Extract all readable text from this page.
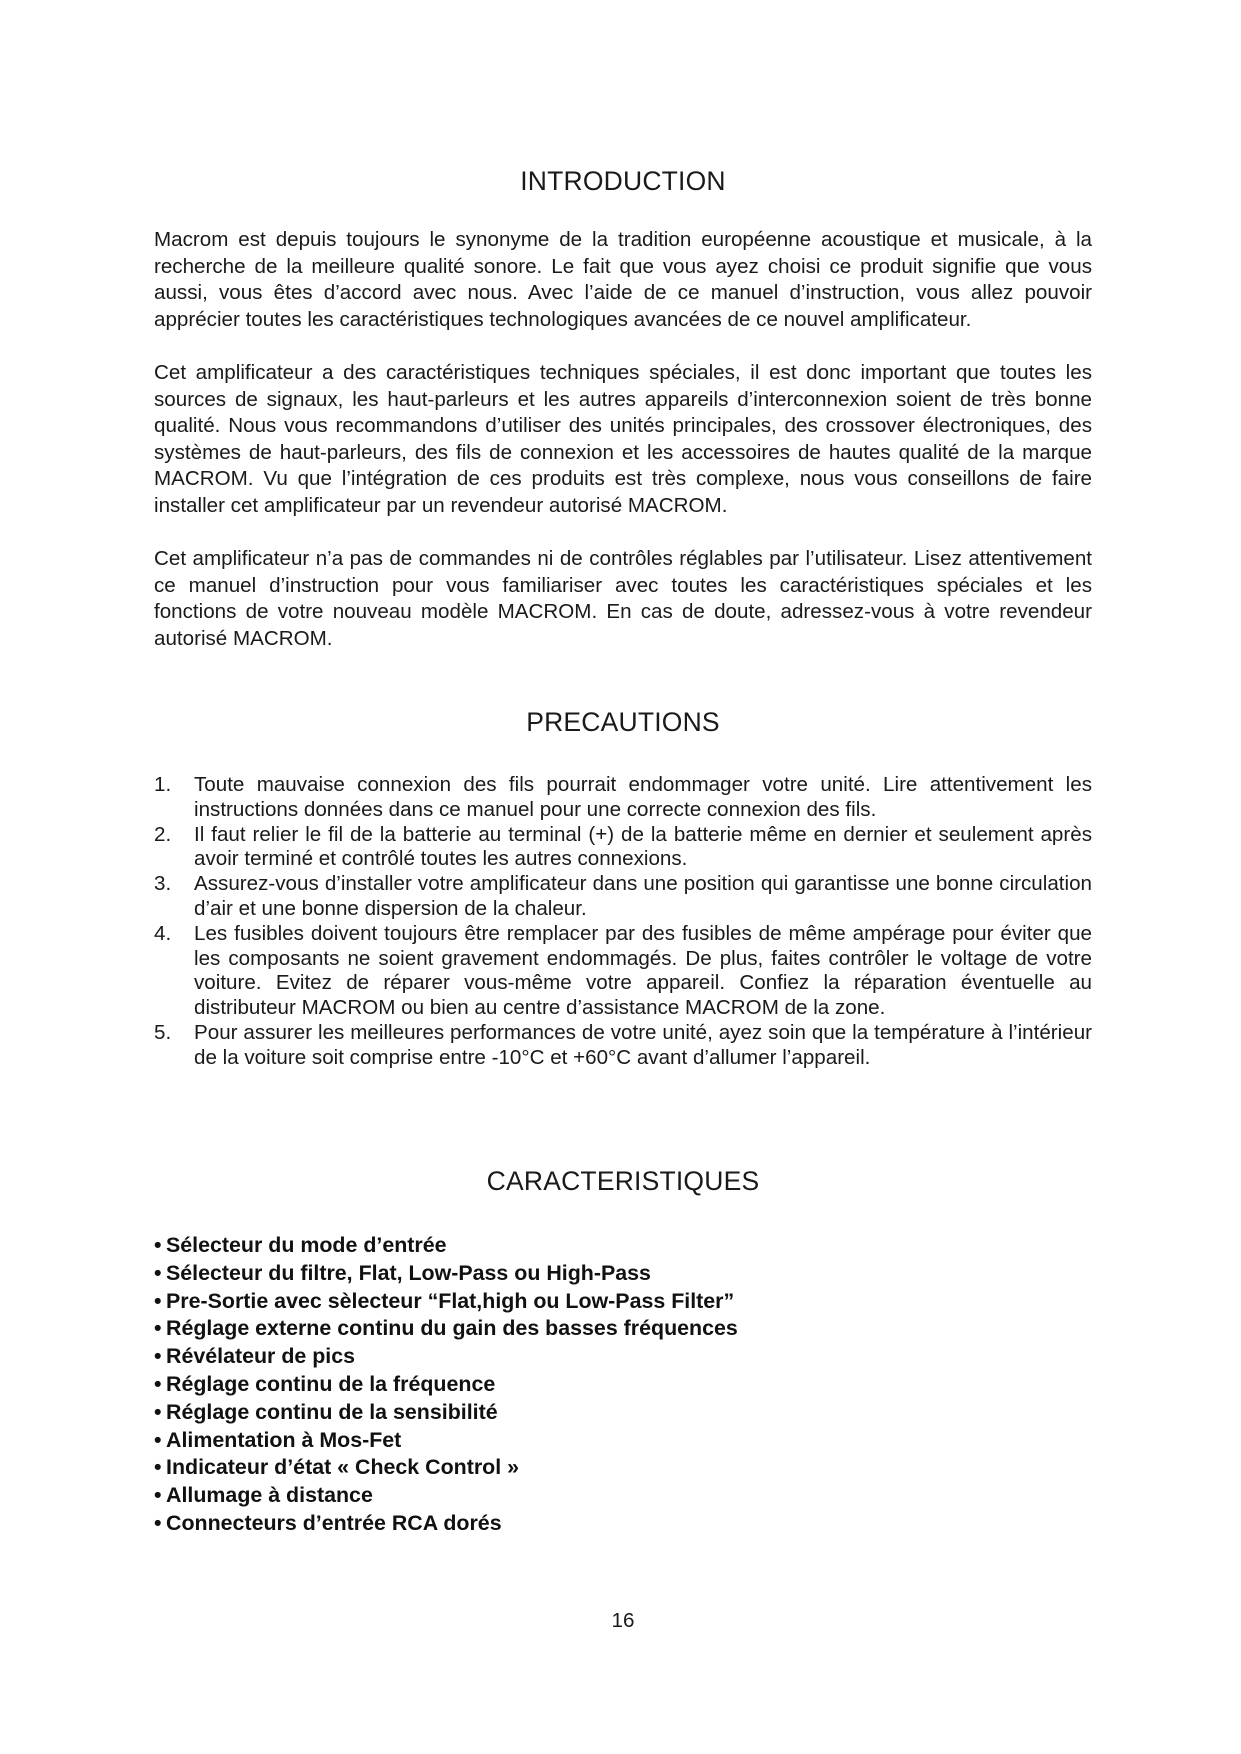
INTRODUCTION

Macrom est depuis toujours le synonyme de la tradition européenne acoustique et musicale, à la recherche de la meilleure qualité sonore. Le fait que vous ayez choisi ce produit signifie que vous aussi, vous êtes d’accord avec nous. Avec l’aide de ce manuel d’instruction, vous allez pouvoir apprécier toutes les caractéristiques technologiques avancées de ce nouvel amplificateur.

Cet amplificateur a des caractéristiques techniques spéciales, il est donc important que toutes les sources de signaux, les haut-parleurs et les autres appareils d’interconnexion soient de très bonne qualité. Nous vous recommandons d’utiliser des unités principales, des crossover électroniques, des systèmes de haut-parleurs, des fils de connexion et les accessoires de hautes qualité de la marque MACROM. Vu que l’intégration de ces produits est très complexe, nous vous conseillons de faire installer cet amplificateur par un revendeur autorisé MACROM.

Cet amplificateur n’a pas de commandes ni de contrôles réglables par l’utilisateur. Lisez attentivement ce manuel d’instruction pour vous familiariser avec toutes les caractéristiques spéciales et les fonctions de votre nouveau modèle MACROM. En cas de doute, adressez-vous à votre revendeur autorisé MACROM.

PRECAUTIONS
1. Toute mauvaise connexion des fils pourrait endommager votre unité. Lire attentivement les instructions données dans ce manuel pour une correcte connexion des fils.
2. Il faut relier le fil de la batterie au terminal (+) de la batterie même en dernier et seulement après avoir terminé et contrôlé toutes les autres connexions.
3. Assurez-vous d’installer votre amplificateur dans une position qui garantisse une bonne circulation d’air et une bonne dispersion de la chaleur.
4. Les fusibles doivent toujours être remplacer par des fusibles de même ampérage pour éviter que les composants ne soient gravement endommagés. De plus, faites contrôler le voltage de votre voiture. Evitez de réparer vous-même votre appareil. Confiez la réparation éventuelle au distributeur MACROM ou bien au centre d’assistance MACROM de la zone.
5. Pour assurer les meilleures performances de votre unité, ayez soin que la température à l’intérieur de la voiture soit comprise entre -10°C et +60°C avant d’allumer l’appareil.
CARACTERISTIQUES
• Sélecteur du mode d’entrée
• Sélecteur du filtre, Flat, Low-Pass ou High-Pass
• Pre-Sortie avec sèlecteur “Flat,high ou Low-Pass Filter”
• Réglage externe continu du gain des basses fréquences
• Révélateur de pics
• Réglage continu de la fréquence
• Réglage continu de la sensibilité
• Alimentation à Mos-Fet
• Indicateur d’état « Check Control »
• Allumage à distance
• Connecteurs d’entrée RCA dorés
16
